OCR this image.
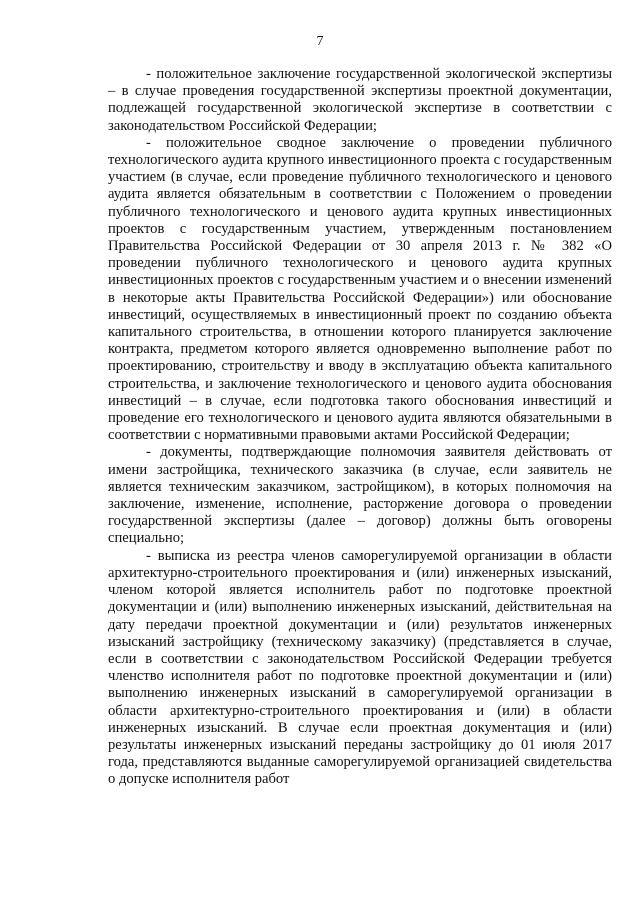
7

- положительное заключение государственной экологической экспертизы – в случае проведения государственной экспертизы проектной документации, подлежащей государственной экологической экспертизе в соответствии с законодательством Российской Федерации;

- положительное сводное заключение о проведении публичного технологического аудита крупного инвестиционного проекта с государственным участием (в случае, если проведение публичного технологического и ценового аудита является обязательным в соответствии с Положением о проведении публичного технологического и ценового аудита крупных инвестиционных проектов с государственным участием, утвержденным постановлением Правительства Российской Федерации от 30 апреля 2013 г. № 382 «О проведении публичного технологического и ценового аудита крупных инвестиционных проектов с государственным участием и о внесении изменений в некоторые акты Правительства Российской Федерации») или обоснование инвестиций, осуществляемых в инвестиционный проект по созданию объекта капитального строительства, в отношении которого планируется заключение контракта, предметом которого является одновременно выполнение работ по проектированию, строительству и вводу в эксплуатацию объекта капитального строительства, и заключение технологического и ценового аудита обоснования инвестиций – в случае, если подготовка такого обоснования инвестиций и проведение его технологического и ценового аудита являются обязательными в соответствии с нормативными правовыми актами Российской Федерации;

- документы, подтверждающие полномочия заявителя действовать от имени застройщика, технического заказчика (в случае, если заявитель не является техническим заказчиком, застройщиком), в которых полномочия на заключение, изменение, исполнение, расторжение договора о проведении государственной экспертизы (далее – договор) должны быть оговорены специально;

- выписка из реестра членов саморегулируемой организации в области архитектурно-строительного проектирования и (или) инженерных изысканий, членом которой является исполнитель работ по подготовке проектной документации и (или) выполнению инженерных изысканий, действительная на дату передачи проектной документации и (или) результатов инженерных изысканий застройщику (техническому заказчику) (представляется в случае, если в соответствии с законодательством Российской Федерации требуется членство исполнителя работ по подготовке проектной документации и (или) выполнению инженерных изысканий в саморегулируемой организации в области архитектурно-строительного проектирования и (или) в области инженерных изысканий. В случае если проектная документация и (или) результаты инженерных изысканий переданы застройщику до 01 июля 2017 года, представляются выданные саморегулируемой организацией свидетельства о допуске исполнителя работ
